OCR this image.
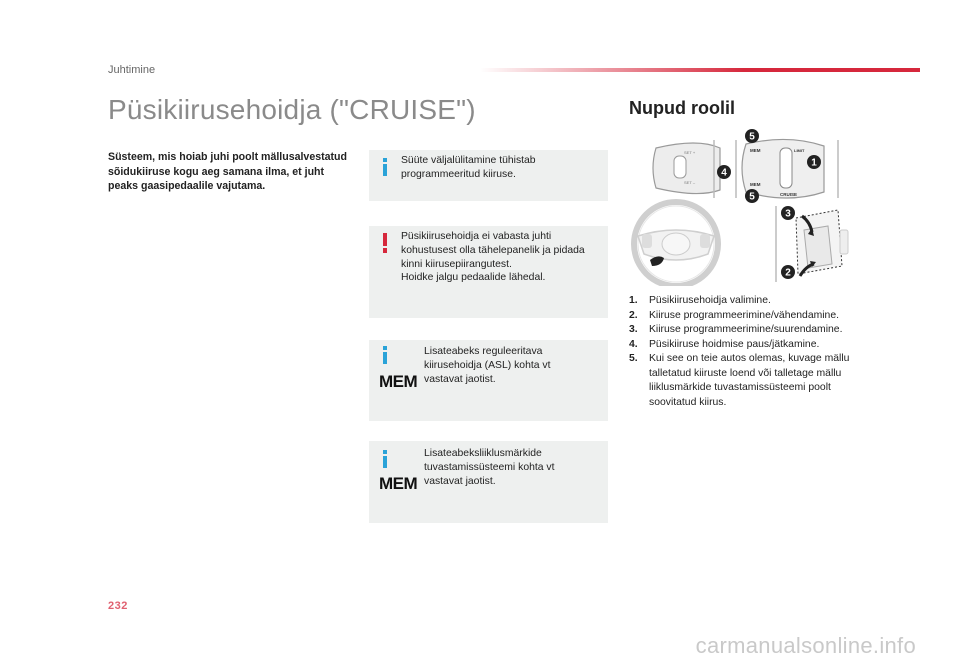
Juhtimine
Püsikiirusehoidja ("CRUISE")

Süsteem, mis hoiab juhi poolt mällusalvestatud sõidukiiruse kogu aeg samana ilma, et juht peaks gaasipedaalile vajutama.

Süüte väljalülitamine tühistab
programmeeritud kiiruse.
Püsikiirusehoidja ei vabasta juhti
kohustusest olla tähelepanelik ja pidada
kinni kiirusepiirangutest.
Hoidke jalgu pedaalide lähedal.
MEM
Lisateabeks reguleeritava
kiirusehoidja (ASL) kohta vt
vastavat jaotist.
MEM
Lisateabeksliiklusmärkide
tuvastamissüsteemi kohta vt
vastavat jaotist.
Nupud roolil
SET +
SET –
LIMIT
MEM
MEM
CRUISE
5
1
4
5
3
2
1.	Püsikiirusehoidja valimine.
2.	Kiiruse programmeerimine/vähendamine.
3.	Kiiruse programmeerimine/suurendamine.
4.	Püsikiiruse hoidmise paus/jätkamine.
5.	Kui see on teie autos olemas, kuvage mällu talletatud kiiruste loend või talletage mällu liiklusmärkide tuvastamissüsteemi poolt soovitatud kiirus.
232
carmanualsonline.info
